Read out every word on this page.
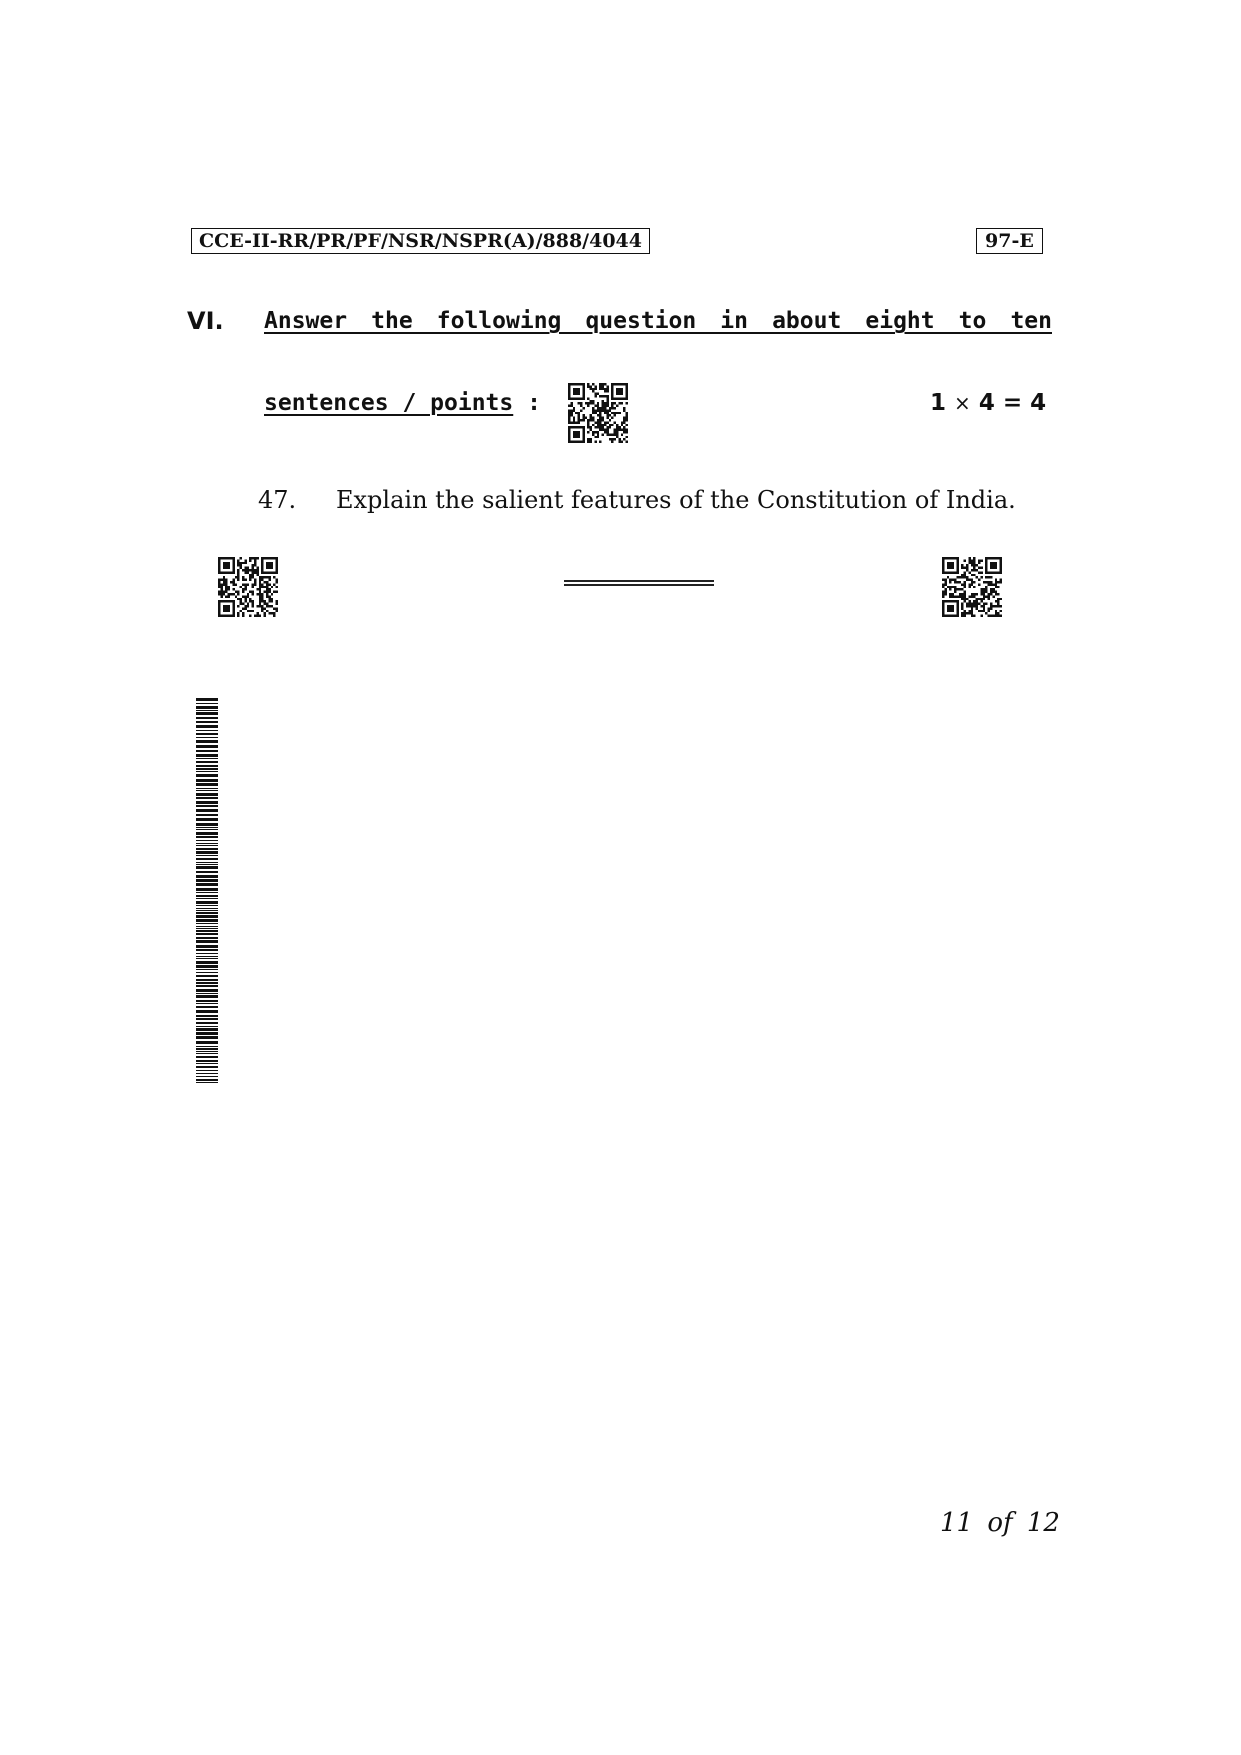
CCE-II-RR/PR/PF/NSR/NSPR(A)/888/4044	97-E
VI. Answer the following question in about eight to ten
sentences / points :	1 × 4 = 4
47. Explain the salient features of the Constitution of India.
11 of 12
